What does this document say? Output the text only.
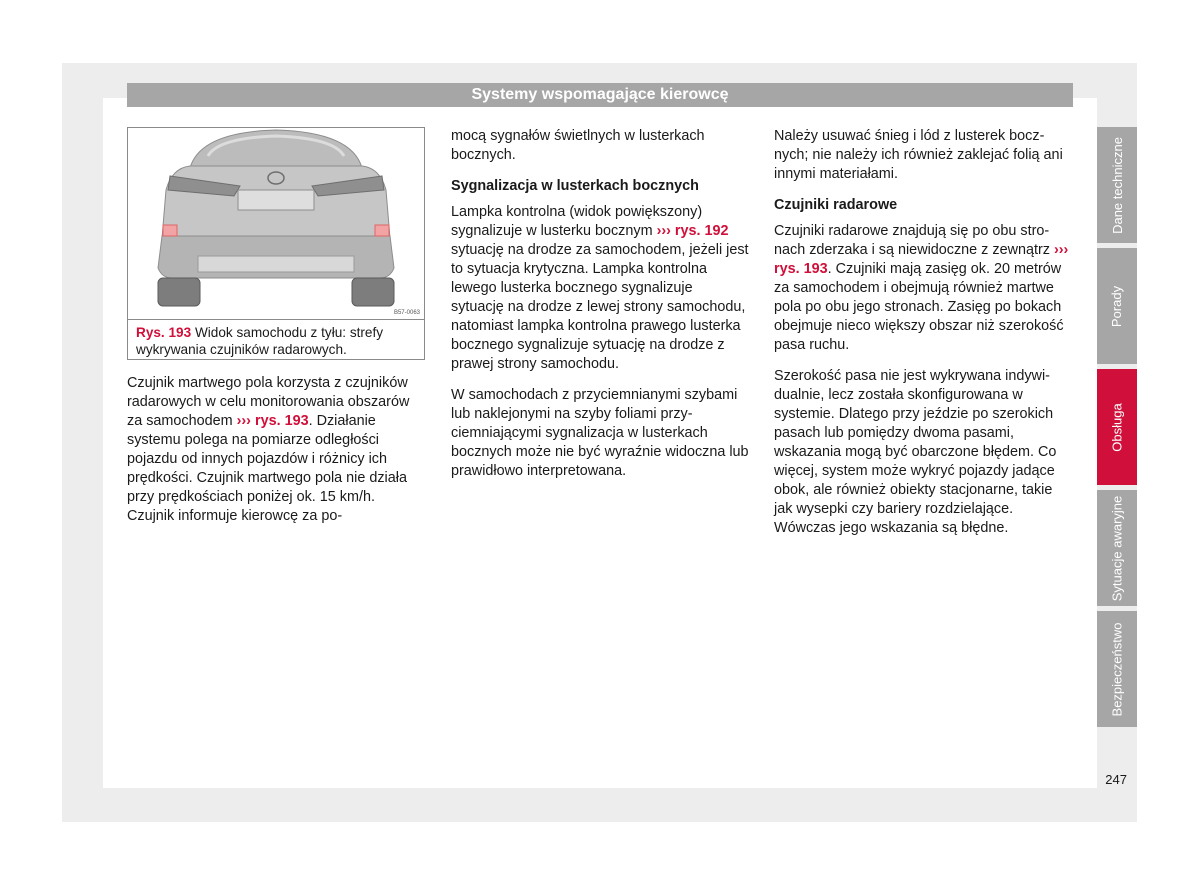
Systemy wspomagające kierowcę
B57-0063
Rys. 193 Widok samochodu z tyłu: strefy wykrywania czujników radarowych.

Czujnik martwego pola korzysta z czujników radarowych w celu monitorowania obszarów za samochodem ››› rys. 193. Działanie systemu polega na pomiarze odległości pojazdu od innych pojazdów i różnicy ich prędkości. Czujnik martwego pola nie działa przy prędkościach poniżej ok. 15 km/h. Czujnik informuje kierowcę za po-

mocą sygnałów świetlnych w lusterkach bocznych.

Sygnalizacja w lusterkach bocznych

Lampka kontrolna (widok powiększony) sygnalizuje w lusterku bocznym ››› rys. 192 sytuację na drodze za samochodem, jeżeli jest to sytuacja krytyczna. Lampka kontrolna lewego lusterka bocznego sygnalizuje sytuację na drodze z lewej strony samochodu, natomiast lampka kontrolna prawego lusterka bocznego sygnalizuje sytuację na drodze z prawej strony samochodu.

W samochodach z przyciemnianymi szybami lub naklejonymi na szyby foliami przyciemniającymi sygnalizacja w lusterkach bocznych może nie być wyraźnie widoczna lub prawidłowo interpretowana.

Należy usuwać śnieg i lód z lusterek bocznych; nie należy ich również zaklejać folią ani innymi materiałami.

Czujniki radarowe

Czujniki radarowe znajdują się po obu stronach zderzaka i są niewidoczne z zewnątrz ››› rys. 193. Czujniki mają zasięg ok. 20 metrów za samochodem i obejmują również martwe pola po obu jego stronach. Zasięg po bokach obejmuje nieco większy obszar niż szerokość pasa ruchu.

Szerokość pasa nie jest wykrywana indywidualnie, lecz została skonfigurowana w systemie. Dlatego przy jeździe po szerokich pasach lub pomiędzy dwoma pasami, wskazania mogą być obarczone błędem. Co więcej, system może wykryć pojazdy jadące obok, ale również obiekty stacjonarne, takie jak wysepki czy bariery rozdzielające. Wówczas jego wskazania są błędne.

Dane techniczne
Porady
Obsługa
Sytuacje awaryjne
Bezpieczeństwo
247
